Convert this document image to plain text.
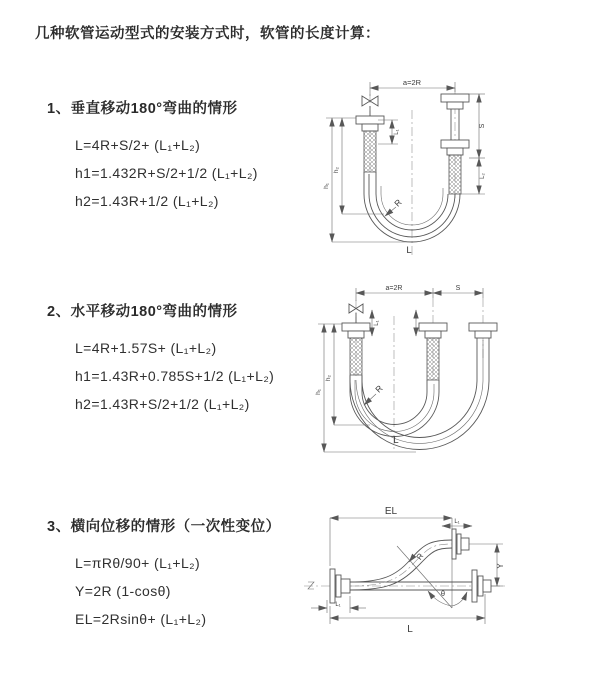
几种软管运动型式的安装方式时，软管的长度计算：
1、垂直移动180°弯曲的情形
L=4R+S/2+ (L₁+L₂)
h1=1.432R+S/2+1/2 (L₁+L₂)
h2=1.43R+1/2 (L₁+L₂)
2、水平移动180°弯曲的情形
L=4R+1.57S+ (L₁+L₂)
h1=1.43R+0.785S+1/2 (L₁+L₂)
h2=1.43R+S/2+1/2 (L₁+L₂)
3、横向位移的情形（一次性变位）
L=πRθ/90+ (L₁+L₂)
Y=2R (1-cosθ)
EL=2Rsinθ+ (L₁+L₂)
a=2R
R
h₁
h₂
L₁
S
L₂
L
a=2R	S
R
h₁
h₂
L₁
L
EL
L₁
Y
R
θ
L₁
L
